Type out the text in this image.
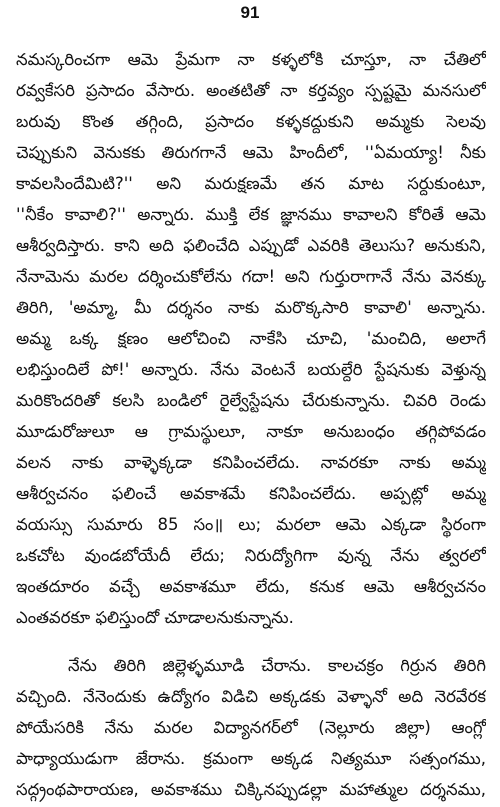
91
నమస్కరించగా ఆమె ప్రేమగా నా కళ్ళలోకి చూస్తూ, నా చేతిలో
రవ్వకేసరి ప్రసాదం వేసారు. అంతటితో నా కర్తవ్యం స్పష్టమై మనసులో
బరువు కొంత తగ్గింది, ప్రసాదం కళ్ళకద్దుకుని అమ్మకు సెలవు
చెప్పుకుని వెనుకకు తిరుగగానే ఆమె హిందీలో, ''ఏమయ్యా! నీకు
కావలసిందేమిటి?'' అని మరుక్షణమే తన మాట సర్దుకుంటూ,
''నీకేం కావాలి?'' అన్నారు. ముక్తి లేక జ్ఞానము కావాలని కోరితే ఆమె
ఆశీర్వదిస్తారు. కాని అది ఫలించేది ఎప్పుడో ఎవరికి తెలుసు? అనుకుని,
నేనామెను మరల దర్శించుకోలేను గదా! అని గుర్తురాగానే నేను వెనక్కు
తిరిగి, 'అమ్మా, మీ దర్శనం నాకు మరొక్కసారి కావాలి' అన్నాను.
అమ్మ ఒక్క క్షణం ఆలోచించి నాకేసి చూచి, 'మంచిది, అలాగే
లభిస్తుందిలే పో!' అన్నారు. నేను వెంటనే బయల్దేరి స్టేషనుకు వెళ్తున్న
మరికొందరితో కలసి బండిలో రైల్వేస్టేషను చేరుకున్నాను. చివరి రెండు
మూడురోజులూ ఆ గ్రామస్థులూ, నాకూ అనుబంధం తగ్గిపోవడం
వలన నాకు వాళ్ళెక్కడా కనిపించలేదు. నావరకూ నాకు అమ్మ
ఆశీర్వచనం ఫలించే అవకాశమే కనిపించలేదు. అప్పట్లో అమ్మ
వయస్సు సుమారు 85 సం॥ లు; మరలా ఆమె ఎక్కడా స్థిరంగా
ఒకచోట వుండబోయేదీ లేదు; నిరుద్యోగిగా వున్న నేను త్వరలో
ఇంతదూరం వచ్చే అవకాశమూ లేదు, కనుక ఆమె ఆశీర్వచనం
ఎంతవరకూ ఫలిస్తుందో చూడాలనుకున్నాను.
నేను తిరిగి జిల్లెళ్ళమూడి చేరాను. కాలచక్రం గిర్రున తిరిగి
వచ్చింది. నేనెందుకు ఉద్యోగం విడిచి అక్కడకు వెళ్ళానో అది నెరవేరక
పోయేసరికి నేను మరల విద్యానగర్‌లో (నెల్లూరు జిల్లా) ఆంగ్లో
పాధ్యాయుడుగా జేరాను. క్రమంగా అక్కడ నిత్యమూ సత్సంగము,
సద్గ్రంథపారాయణ, అవకాశము చిక్కినప్పుడల్లా మహాత్ముల దర్శనము,
